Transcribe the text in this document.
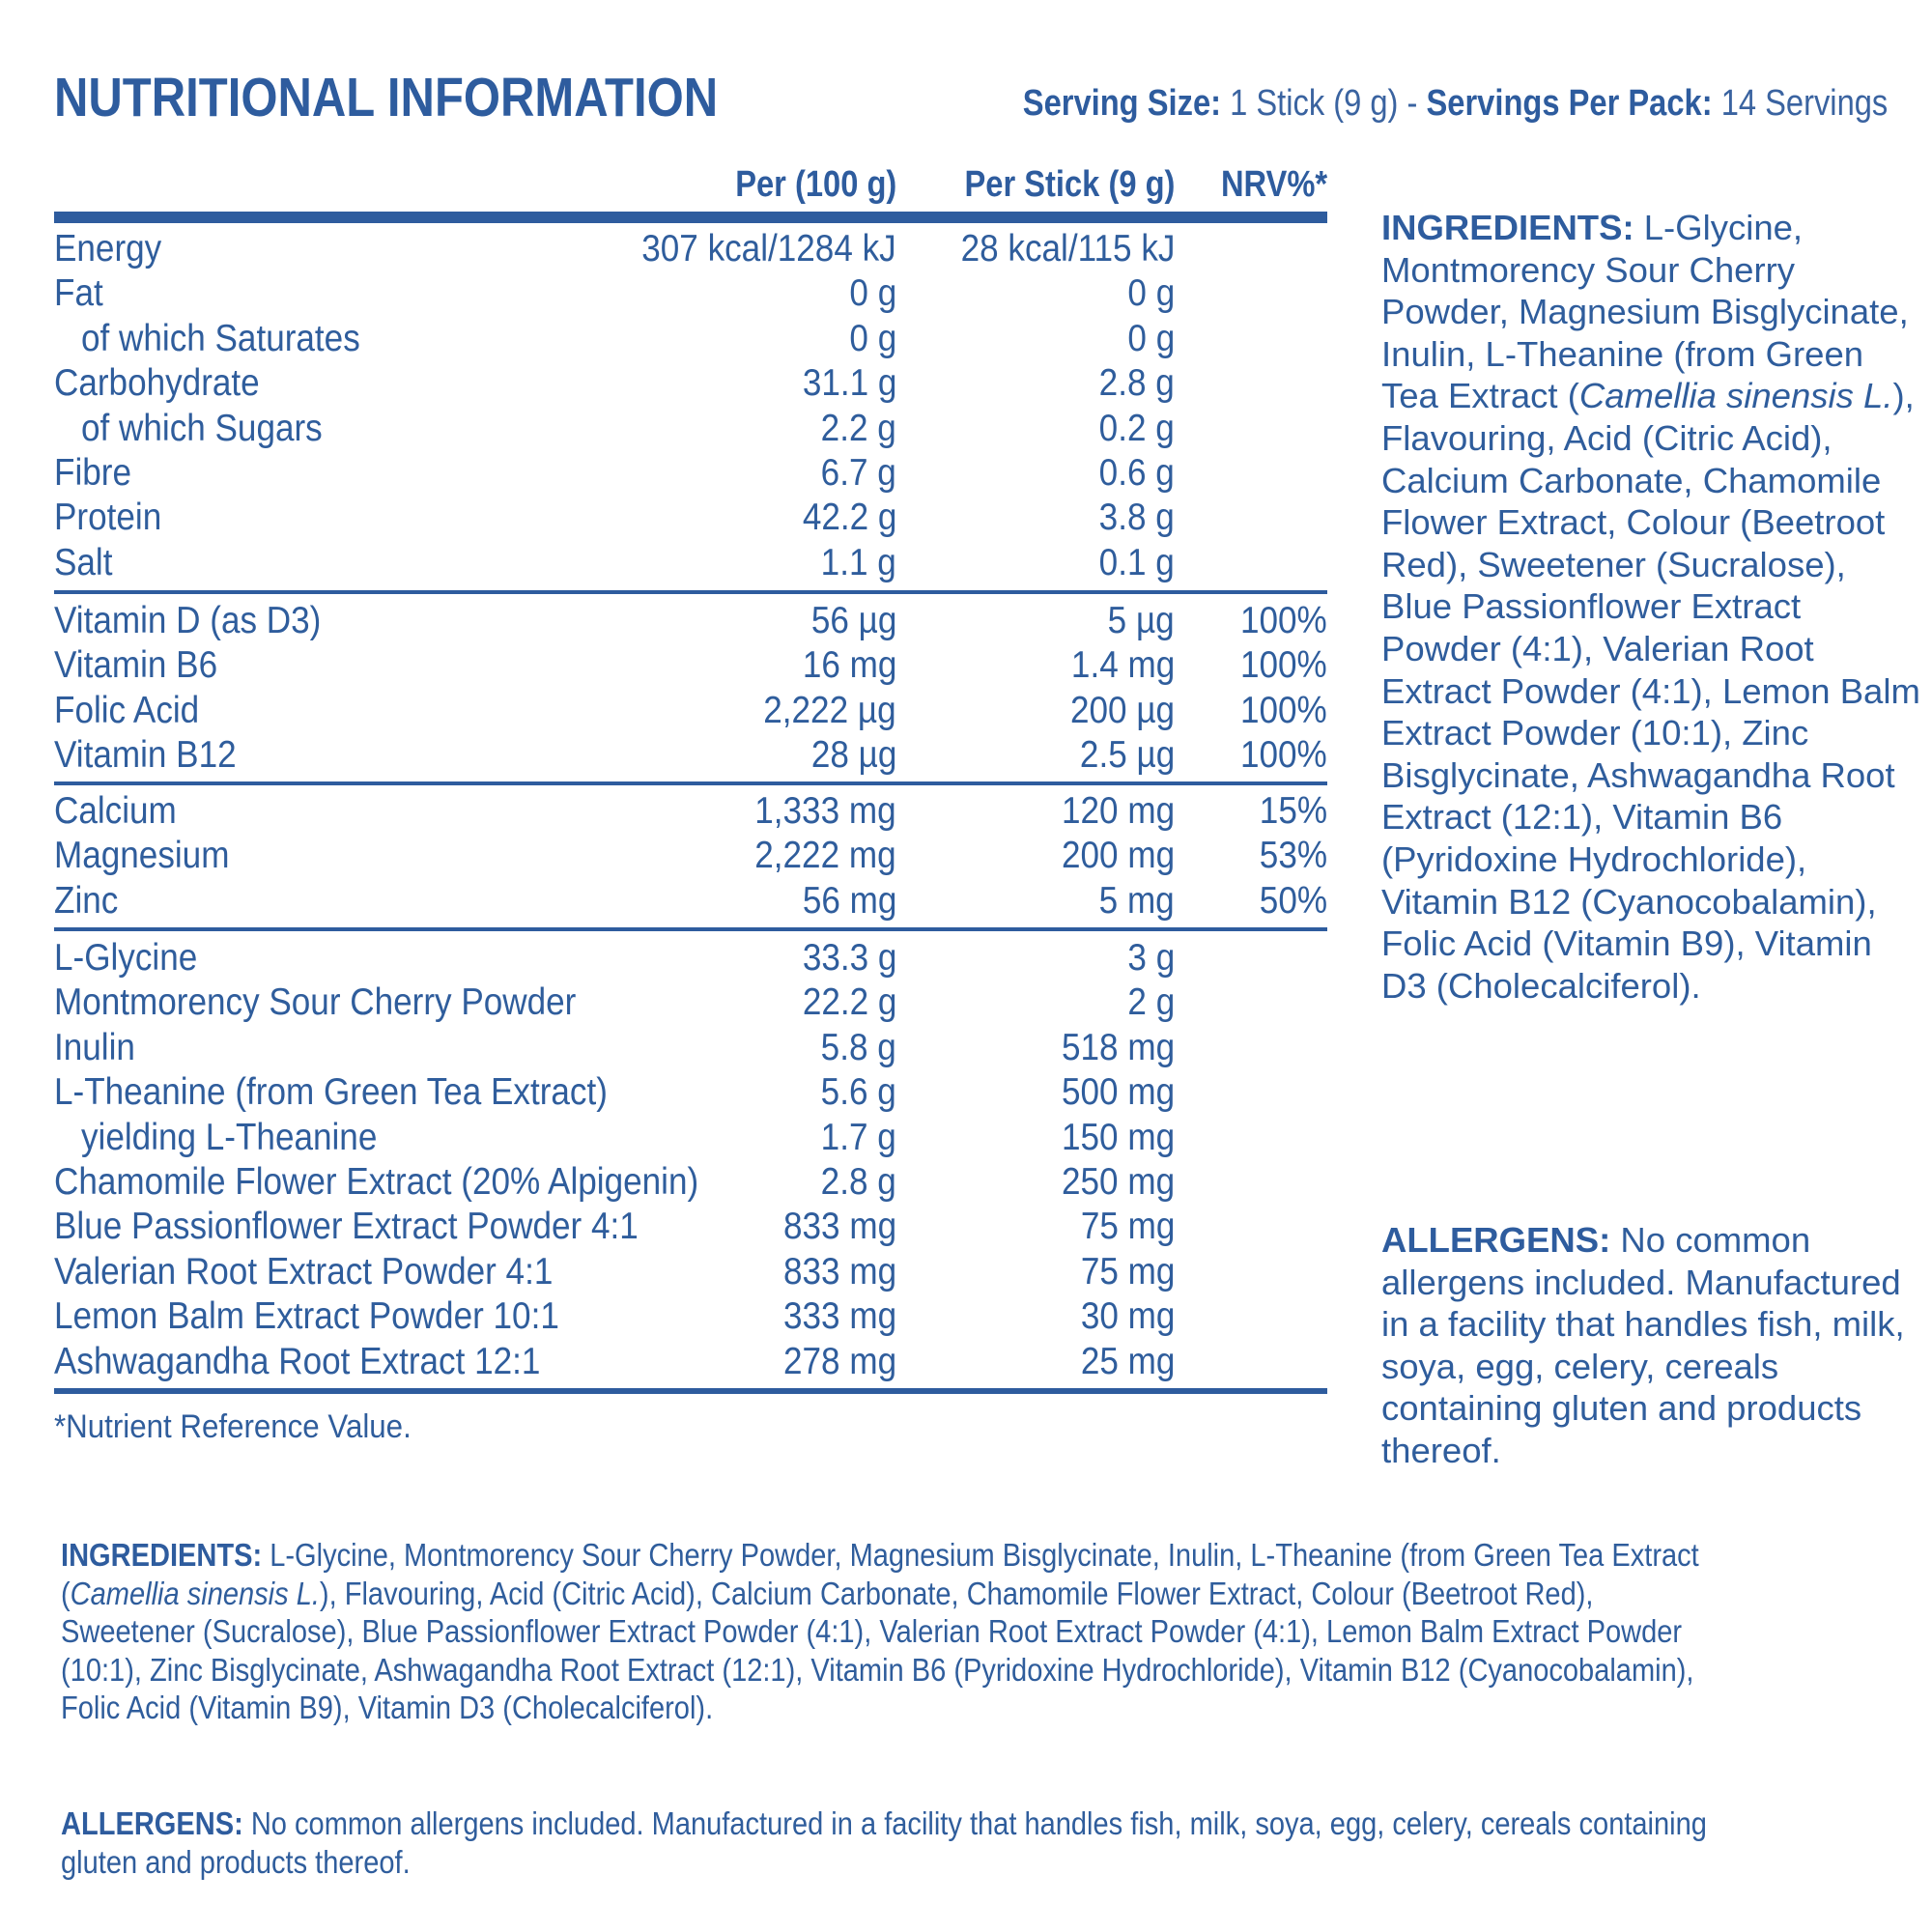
NUTRITIONAL INFORMATION	Serving Size: 1 Stick (9 g) - Servings Per Pack: 14 Servings
Per (100 g) Per Stick (9 g) NRV%*
Energy	307 kcal/1284 kJ 28 kcal/115 kJ
Fat	0 g	0 g
of which Saturates	0 g	0 g
Carbohydrate	31.1 g	2.8 g
of which Sugars	2.2 g	0.2 g
Fibre	6.7 g	0.6 g
Protein	42.2 g	3.8 g
Salt	1.1 g	0.1 g
Vitamin D (as D3)	56 µg	5 µg 100%
Vitamin B6	16 mg	1.4 mg 100%
Folic Acid	2,222 µg	200 µg 100%
Vitamin B12	28 µg	2.5 µg 100%
Calcium	1,333 mg	120 mg 15%
Magnesium	2,222 mg	200 mg 53%
Zinc	56 mg	5 mg 50%
L-Glycine	33.3 g	3 g
Montmorency Sour Cherry Powder	22.2 g	2 g
Inulin	5.8 g	518 mg
L-Theanine (from Green Tea Extract)	5.6 g	500 mg
yielding L-Theanine	1.7 g	150 mg
Chamomile Flower Extract (20% Alpigenin)	2.8 g	250 mg
Blue Passionflower Extract Powder 4:1	833 mg	75 mg
Valerian Root Extract Powder 4:1	833 mg	75 mg
Lemon Balm Extract Powder 10:1	333 mg	30 mg
Ashwagandha Root Extract 12:1	278 mg	25 mg
*Nutrient Reference Value.

INGREDIENTS: L-Glycine, Montmorency Sour Cherry Powder, Magnesium Bisglycinate, Inulin, L-Theanine (from Green Tea Extract (Camellia sinensis L.), Flavouring, Acid (Citric Acid), Calcium Carbonate, Chamomile Flower Extract, Colour (Beetroot Red), Sweetener (Sucralose), Blue Passionflower Extract Powder (4:1), Valerian Root Extract Powder (4:1), Lemon Balm Extract Powder (10:1), Zinc Bisglycinate, Ashwagandha Root Extract (12:1), Vitamin B6 (Pyridoxine Hydrochloride), Vitamin B12 (Cyanocobalamin), Folic Acid (Vitamin B9), Vitamin D3 (Cholecalciferol).

ALLERGENS: No common allergens included. Manufactured in a facility that handles fish, milk, soya, egg, celery, cereals containing gluten and products thereof.

INGREDIENTS: L-Glycine, Montmorency Sour Cherry Powder, Magnesium Bisglycinate, Inulin, L-Theanine (from Green Tea Extract (Camellia sinensis L.), Flavouring, Acid (Citric Acid), Calcium Carbonate, Chamomile Flower Extract, Colour (Beetroot Red), Sweetener (Sucralose), Blue Passionflower Extract Powder (4:1), Valerian Root Extract Powder (4:1), Lemon Balm Extract Powder (10:1), Zinc Bisglycinate, Ashwagandha Root Extract (12:1), Vitamin B6 (Pyridoxine Hydrochloride), Vitamin B12 (Cyanocobalamin), Folic Acid (Vitamin B9), Vitamin D3 (Cholecalciferol).
ALLERGENS: No common allergens included. Manufactured in a facility that handles fish, milk, soya, egg, celery, cereals containing gluten and products thereof.
